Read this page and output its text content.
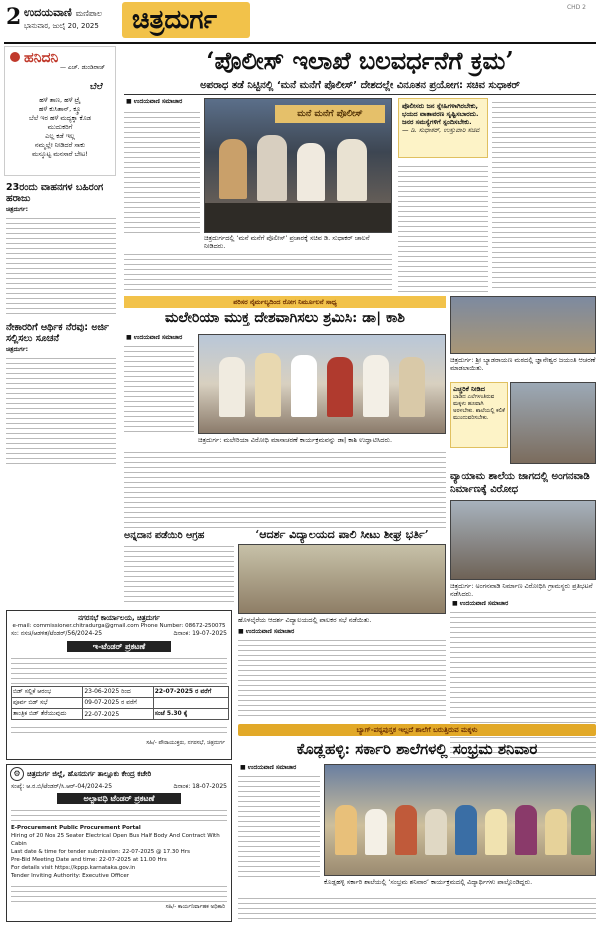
2 ಉದಯವಾಣಿ ಮಣಿಪಾಲ
ಭಾನುವಾರ, ಜುಲೈ 20, 2025	ಚಿತ್ರದುರ್ಗ	CHD 2
ಹನಿದನಿ
— ಎಚ್. ಡುಂಡಿರಾಜ್
ಬೆಲೆ
ಹಳೆ ತಾಣ, ಹಳೆ ಟ್ರೈ
ಹಳೆ ಕುಸಿತಾನ್, ಕ್ಕ್ರೂ
ಬೆಲೆ ಇರ ಹಳೆ ಮದ್ಯಕ್ಕಾ ಕೊಡ
ಮುದುಕರಿಗೆ
ಎಲ್ಲ ಕಡೆ ಇಲ್ಲ
ನಮ್ಮಲ್ಲೇ ನೀಡಿದರೆ ಸಾಕು
ಮಸ್ಕೂಟ್ಟ ಮನಸಾರೆ ಬೇಟ!
‘ಪೊಲೀಸ್ ಇಲಾಖೆ ಬಲವರ್ಧನೆಗೆ ಕ್ರಮ’
ಅಪರಾಧ ತಡೆ ನಿಟ್ಟಿನಲ್ಲಿ ‘ಮನೆ ಮನೆಗೆ ಪೊಲೀಸ್’ ದೇಶದಲ್ಲೇ ವಿನೂತನ ಪ್ರಯೋಗ: ಸಚಿವ ಸುಧಾಕರ್
■ ಉದಯವಾಣಿ ಸಮಾಚಾರ
ಮನೆ ಮನೆಗೆ ಪೊಲೀಸ್
ಚಿತ್ರದುರ್ಗದಲ್ಲಿ ‘ಮನೆ ಮನೆಗೆ ಪೊಲೀಸ್’ ಪ್ರಚಾರಕ್ಕೆ ಸಚಿವ ಡಿ. ಸುಧಾಕರ್ ಚಾಲನೆ ನೀಡಿದರು.
ಪೊಲೀಸರು ಜನ ಸ್ನೇಹಿಗಳಾಗಿರಬೇಕು, ಭಯದ ವಾತಾವರಣ ಸೃಷ್ಟಿಸಬಾರದು. ಜನರ ಸಮಸ್ಯೆಗಳಿಗೆ ಸ್ಪಂದಿಸಬೇಕು.
— ಡಿ. ಸುಧಾಕರ್, ಉಸ್ತುವಾರಿ ಸಚಿವ
23ರಂದು ವಾಹನಗಳ ಬಹಿರಂಗ ಹರಾಜು
ಚಿತ್ರದುರ್ಗ:
ನೇಕಾರರಿಗೆ ಆರ್ಥಿಕ ನೆರವು: ಅರ್ಜಿ ಸಲ್ಲಿಸಲು ಸೂಚನೆ
ಚಿತ್ರದುರ್ಗ:
ಪರಿಸರ ನೈರ್ಮಲ್ಯದಿಂದ ರೋಗ ನಿರ್ಮೂಲನೆ ಸಾಧ್ಯ
ಮಲೇರಿಯಾ ಮುಕ್ತ ದೇಶವಾಗಿಸಲು ಶ್ರಮಿಸಿ: ಡಾ| ಕಾಶಿ
■ ಉದಯವಾಣಿ ಸಮಾಚಾರ
ಚಿತ್ರದುರ್ಗ: ಮಲೇರಿಯಾ ವಿರೋಧಿ ಮಾಸಾಚರಣೆ ಕಾರ್ಯಕ್ರಮವನ್ನು ಡಾ| ಕಾಶಿ ಉದ್ಘಾಟಿಸಿದರು.
ಚಿತ್ರದುರ್ಗ: ಶ್ರೀ ಬ್ಯಾಡರಾಯಣ ಮಠದಲ್ಲಿ ಜ್ಞಾನೇಶ್ವರ ಜಯಂತಿ ಆಚರಣೆ ಮಾಡಲಾಯಿತು.
ಎಚ್ಚರಿಕೆ ನೀಡಿದ
ಬಾಡಿದ ಎಲೆಗಳಂತಿರುವ ಮಕ್ಕಳು ಹೂವಾಗಿ ಅರಳಬೇಕು. ಶಾಲೆಯಲ್ಲಿ ಕಲಿಕೆ ಮುಂದುವರಿಸಬೇಕು.
ವ್ಯಾಯಾಮ ಶಾಲೆಯ ಜಾಗದಲ್ಲಿ ಅಂಗನವಾಡಿ ನಿರ್ಮಾಣಕ್ಕೆ ವಿರೋಧ
ಚಿತ್ರದುರ್ಗ: ಅಂಗನವಾಡಿ ನಿರ್ಮಾಣ ವಿರೋಧಿಸಿ ಗ್ರಾಮಸ್ಥರು ಪ್ರತಿಭಟನೆ ನಡೆಸಿದರು.
■ ಉದಯವಾಣಿ ಸಮಾಚಾರ
ಅನ್ನದಾನ ಪಡೆಯಿರಿ ಆಗ್ರಹ	‘ಆದರ್ಶ ವಿದ್ಯಾಲಯದ ಪಾಲಿ ಸೀಟು ಶೀಘ್ರ ಭರ್ತಿ’
ಹೊಳಲ್ಕೆರೆಯ ಆದರ್ಶ ವಿದ್ಯಾಲಯದಲ್ಲಿ ಪಾಲಕರ ಸಭೆ ನಡೆಯಿತು.
■ ಉದಯವಾಣಿ ಸಮಾಚಾರ
ನಗರಸಭೆ ಕಾರ್ಯಾಲಯ, ಚಿತ್ರದುರ್ಗ
e-mail: commissioner.chitradurga@gmail.com Phone Number: 08672-250075
ಸಂ: ನಸಚಿ/ಆಡಳಿತ/ಟೆಂಡರ್/56/2024-25	ದಿನಾಂಕ: 19-07-2025
ಇ-ಟೆಂಡರ್ ಪ್ರಕಟಣೆ
ಬಿಡ್ ಸಲ್ಲಿಕೆ ಆರಂಭ	23-06-2025 ರಿಂದ	22-07-2025 ರ ವರೆಗೆ
ಪೂರ್ವ ಬಿಡ್ ಸಭೆ	09-07-2025 ರ ವರೆಗೆ	
ತಾಂತ್ರಿಕ ಬಿಡ್ ತೆರೆಯುವುದು	22-07-2025	ಸಂಜೆ 5.30 ಕ್ಕೆ
ಸಹಿ/- ಪೌರಾಯುಕ್ತರು, ನಗರಸಭೆ, ಚಿತ್ರದುರ್ಗ
⚙ ಚಿತ್ರದುರ್ಗ ಜಿಲ್ಲೆ, ಹೊಸದುರ್ಗ ತಾಲ್ಲೂಕು ಕೇಂದ್ರ ಕಚೇರಿ
ಸಂಖ್ಯೆ: ಆ.ರ.ಬಿ/ಟೆಂಡರ್/ಸಿ.ಆರ್-04/2024-25	ದಿನಾಂಕ: 18-07-2025
ಅಲ್ಪಾವಧಿ ಟೆಂಡರ್ ಪ್ರಕಟಣೆ
E-Procurement Public Procurement Portal
Hiring of 20 Nos 25 Seater Electrical Open Bus Half Body And Contract With Cabin
Last date & time for tender submission: 22-07-2025 @ 17.30 Hrs
Pre-Bid Meeting Date and time: 22-07-2025 at 11.00 Hrs
For details visit https://kppp.karnataka.gov.in
Tender Inviting Authority: Executive Officer
ಸಹಿ/- ಕಾರ್ಯನಿರ್ವಾಹಕ ಅಧಿಕಾರಿ
ಬ್ಯಾಗ್-ಪಠ್ಯಪುಸ್ತಕ ಇಲ್ಲದೆ ಶಾಲೆಗೆ ಬರುತ್ತಿರುವ ಮಕ್ಕಳು
ಕೊಡ್ಲಹಳ್ಳಿ: ಸರ್ಕಾರಿ ಶಾಲೆಗಳಲ್ಲಿ ಸಂಭ್ರಮ ಶನಿವಾರ
■ ಉದಯವಾಣಿ ಸಮಾಚಾರ
ಕೊಡ್ಲಹಳ್ಳಿ ಸರ್ಕಾರಿ ಶಾಲೆಯಲ್ಲಿ ‘ಸಂಭ್ರಮ ಶನಿವಾರ’ ಕಾರ್ಯಕ್ರಮದಲ್ಲಿ ವಿದ್ಯಾರ್ಥಿಗಳು ಪಾಲ್ಗೊಂಡಿದ್ದರು.
